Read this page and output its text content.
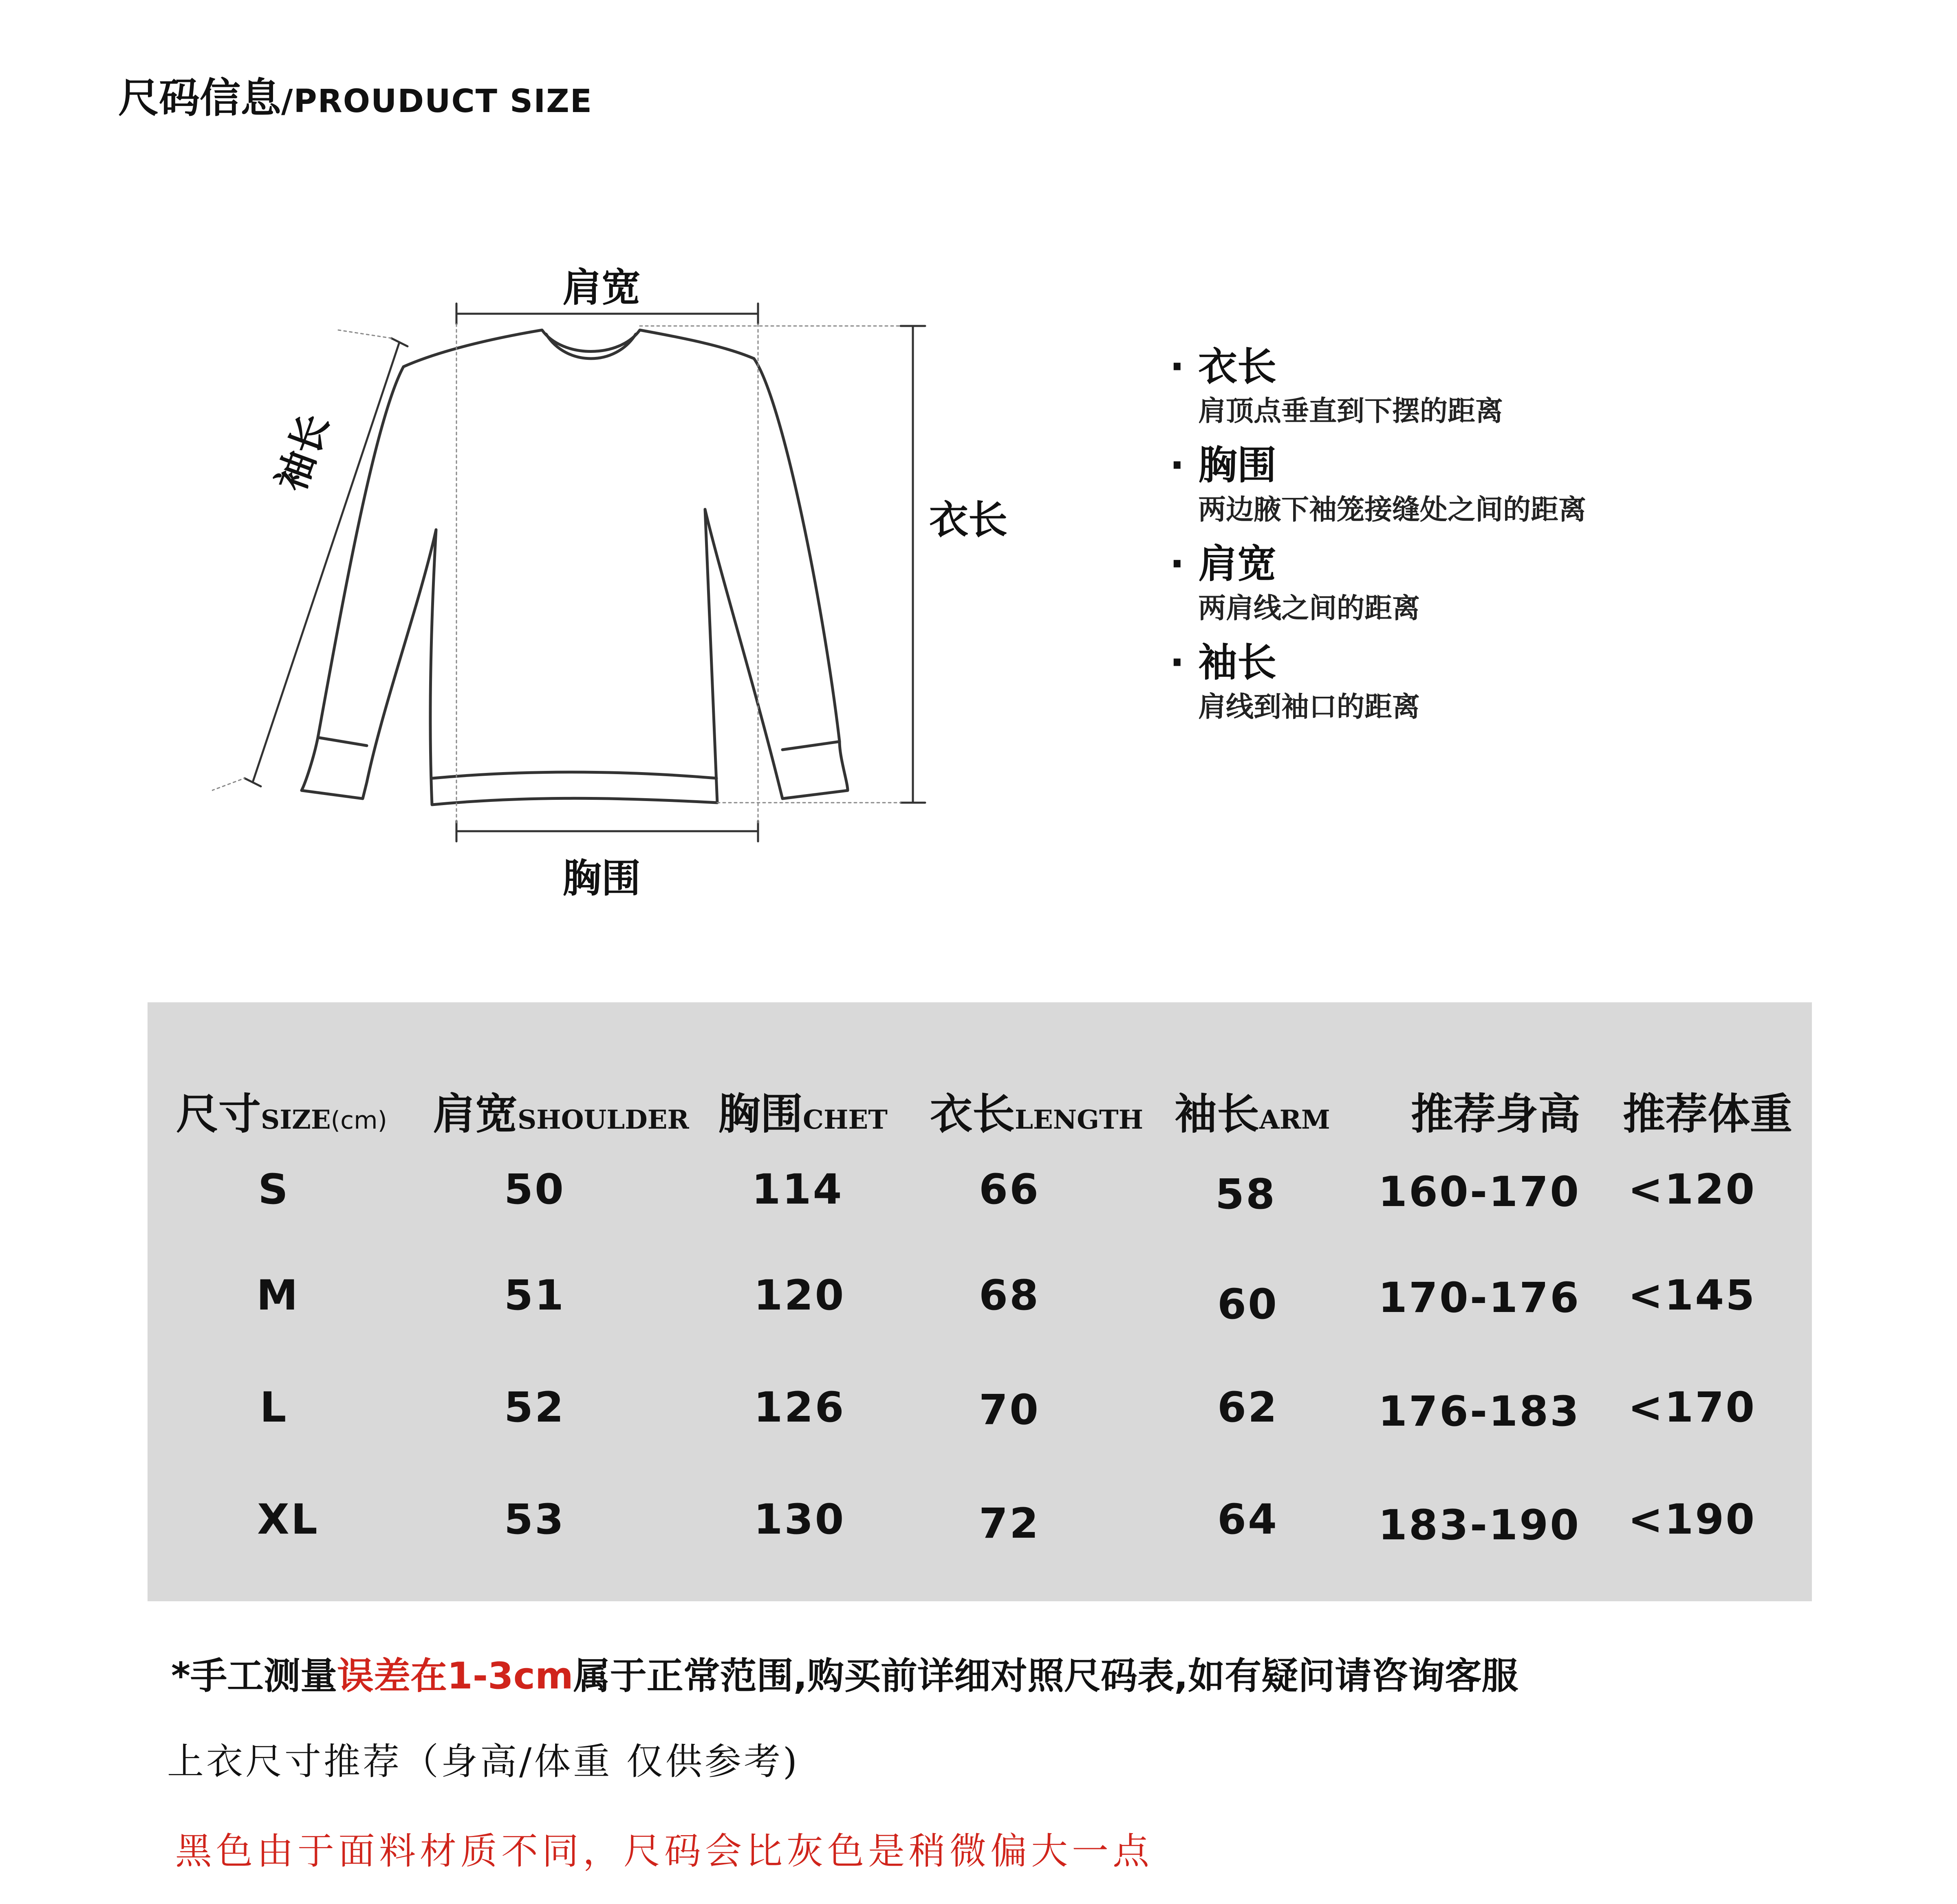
尺码信息/PROUDUCT SIZE
肩宽
袖长
衣长
胸围
· 衣长
肩顶点垂直到下摆的距离
· 胸围
两边腋下袖笼接缝处之间的距离
· 肩宽
两肩线之间的距离
· 袖长
肩线到袖口的距离
尺寸SIZE(cm) 肩宽SHOULDER 胸围CHET 衣长LENGTH 袖长ARM 推荐身高 推荐体重
S	50	114	66	58 160-170 <120
M	51	120	68	60 170-176 <145
L	52	126	70	62 176-183 <170
XL	53	130	72	64 183-190 <190
*手工测量误差在1-3cm属于正常范围,购买前详细对照尺码表,如有疑问请咨询客服
上衣尺寸推荐（身高/体重 仅供参考)
黑色由于面料材质不同，尺码会比灰色是稍微偏大一点
